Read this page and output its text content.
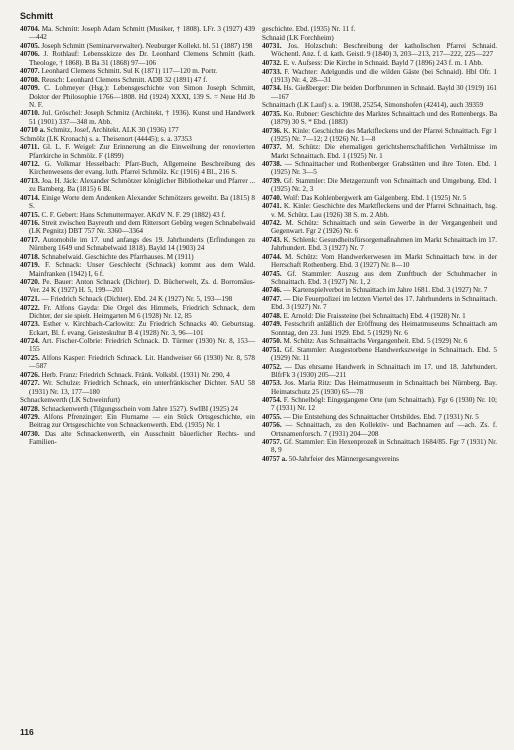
Schmitt

40704. Ma. Schmitt: Joseph Adam Schmitt (Musiker, † 1808). LFr. 3 (1927) 439—442

40705. Joseph Schmitt (Seminarverwalter). Neuburger Kollekt. bl. 51 (1887) 198

40706. J. Rothlauf: Lebensskizze des Dr. Leonhard Clemens Schmitt (kath. Theologe, † 1868). B Ba 31 (1868) 97—106

40707. Leonhard Clemens Schmitt. Sul K (1871) 117—120 m. Portr.

40708. Reusch: Leonhard Clemens Schmitt. ADB 32 (1891) 47 f.

40709. C. Lohmeyer (Hsg.): Lebensgeschichte von Simon Joseph Schmitt, Doktor der Philosophie 1766—1808. Hd (1924) XXXI, 139 S. = Neue Hd Jb N. F.

40710. Jul. Gröschel: Joseph Schmitz (Architekt, † 1936). Kunst und Handwerk 51 (1901) 337—348 m. Abb.

40710 a. Schmitz, Josef, Architekt. ALK 30 (1936) 177

Schmölz (LK Kronach) s. a. Theisenort (44445); s. a. 37353

40711. Gl. L. F. Weigel: Zur Erinnerung an die Einweihung der renovierten Pfarrkirche in Schmölz. F (1899)

40712. G. Volkmar Hesselbach: Pfarr-Buch, Allgemeine Beschreibung des Kirchenwesens der evang. luth. Pfarrei Schmölz. Kc (1916) 4 Bl., 216 S.

40713. Joa. H. Jäck: Alexander Schmötzer königlicher Bibliothekar und Pfarrer ... zu Bamberg. Ba (1815) 6 Bl.

40714. Einige Worte dem Andenken Alexander Schmötzers geweiht. Ba (1815) 8 S.

40715. C. F. Gebert: Hans Schmuttermayer. AKdV N. F. 29 (1882) 43 f.

40716. Streit zwischen Bayreuth und dem Rittersort Gebürg wegen Schnabelwaid (LK Pegnitz) DBT 757 Nr. 3360—3364

40717. Automobile im 17. und anfangs des 19. Jahrhunderts (Erfindungen zu Nürnberg 1649 und Schnabelwaid 1818). Bayld 14 (1903) 24

40718. Schnabelwaid. Geschichte des Pfarrhauses. M (1911)

40719. F. Schnack: Unser Geschlecht (Schnack) kommt aus dem Wald. Mainfranken (1942) I, 6 f.

40720. Pe. Bauer: Anton Schnack (Dichter). D. Bücherwelt, Zs. d. Borromäus-Ver. 24 K (1927) H. 5, 199—201

40721. — Friedrich Schnack (Dichter). Ebd. 24 K (1927) Nr. 5, 193—198

40722. Fr. Alfons Gayda: Die Orgel des Himmels, Friedrich Schnack, dem Dichter, der sie spielt. Heimgarten M 6 (1928) Nr. 12, 85

40723. Esther v. Kirchbach-Carlowitz: Zu Friedrich Schnacks 40. Geburtstag. Eckart, Bl. f. evang. Geisteskultur B 4 (1928) Nr. 3, 96—101

40724. Art. Fischer-Colbrie: Friedrich Schnack. D. Türmer (1930) Nr. 8, 153—155

40725. Alfons Kasper: Friedrich Schnack. Lit. Handweiser 66 (1930) Nr. 8, 578—587

40726. Herb. Franz: Friedrich Schnack. Fränk. Volksbl. (1931) Nr. 290, 4

40727. Wr. Schulze: Friedrich Schnack, ein unterfränkischer Dichter. SAU 58 (1931) Nr. 13, 177—180

Schnackenwerth (LK Schweinfurt)

40728. Schnackenwerth (Tilgungsschein vom Jahre 1527). SwIBI (1925) 24

40729. Alfons Pfrenzinger: Ein Flurname — ein Stück Ortsgeschichte, ein Beitrag zur Ortsgeschichte von Schnackenwerth. Ebd. (1935) Nr. 1

40730. Das alte Schnackenwerth, ein Ausschnitt bäuerlicher Rechts- und Familien-

geschichte. Ebd. (1935) Nr. 11 f.

Schnaid (LK Forchheim)

40731. Jos. Holzschuh: Beschreibung der katholischen Pfarrei Schnaid. Wöchentl. Anz. f. d. kath. Geistl. 9 (1840) 3, 203—213, 217—222, 225—227

40732. E. v. Aufsess: Die Kirche in Schnaid. Bayld 7 (1896) 243 f. m. 1 Abb.

40733. F. Wachter: Adelgundis und die wilden Gäste (bei Schnaid). Hbl Ofr. 1 (1913) Nr. 4, 28—31

40734. Hs. Gießberger: Die beiden Dorfbrunnen in Schnaid. Bayld 30 (1919) 161—167

Schnaittach (LK Lauf) s. a. 19038, 25254, Simonshofen (42414), auch 39359

40735. Ko. Rubner: Geschichte des Marktes Schnaittach und des Rottenbergs. Ba (1879) 30 S. * Ebd. (1883)

40736. K. Kinle: Geschichte des Marktfleckens und der Pfarrei Schnaittach. Fgr 1 (1925) Nr. 7—12; 2 (1926) Nr. 1—8

40737. M. Schütz: Die ehemaligen gerichtsherrschaftlichen Verhältnisse im Markt Schnaittach. Ebd. 1 (1925) Nr. 1

40738. — Schnaittacher und Rothenberger Grabstätten und ihre Toten. Ebd. 1 (1925) Nr. 3—5

40739. Gf. Stammler: Die Metzgerzunft von Schnaittach und Umgebung. Ebd. 1 (1925) Nr. 2, 3

40740. Wolf: Das Kohlenbergwerk am Galgenberg. Ebd. 1 (1925) Nr. 5

40741. K. Kinle: Geschichte des Marktfleckens und der Pfarrei Schnaittach, hsg. v. M. Schütz. Lau (1926) 38 S. m. 2 Abb.

40742. M. Schütz: Schnaittach und sein Gewerbe in der Vergangenheit und Gegenwart. Fgr 2 (1926) Nr. 6

40743. K. Schlenk: Gesundheitsfürsorgemaßnahmen im Markt Schnaittach im 17. Jahrhundert. Ebd. 3 (1927) Nr. 7

40744. M. Schütz: Vom Handwerkerwesen im Markt Schnaittach bzw. in der Herrschaft Rothenberg. Ebd. 3 (1927) Nr. 8—10

40745. Gf. Stammler: Auszug aus dem Zunftbuch der Schuhmacher in Schnaittach. Ebd. 3 (1927) Nr. 1, 2

40746. — Kartenspielverbot in Schnaittach im Jahre 1681. Ebd. 3 (1927) Nr. 7

40747. — Die Feuerpolizei im letzten Viertel des 17. Jahrhunderts in Schnaittach. Ebd. 3 (1927) Nr. 7

40748. E. Arnold: Die Fraissteine (bei Schnaittach) Ebd. 4 (1928) Nr. 1

40749. Festschrift anläßlich der Eröffnung des Heimatmuseums Schnaittach am Sonntag, den 23. Juni 1929. Ebd. 5 (1929) Nr. 6

40750. M. Schütz: Aus Schnaittachs Vergangenheit. Ebd. 5 (1929) Nr. 6

40751. Gf. Stammler: Ausgestorbene Handwerkszweige in Schnaittach. Ebd. 5 (1929) Nr. 11

40752. — Das ehrsame Handwerk in Schnaittach im 17. und 18. Jahrhundert. BlfrFk 3 (1930) 205—211

40753. Jos. Maria Ritz: Das Heimatmuseum in Schnaittach bei Nürnberg. Bay. Heimatschutz 25 (1930) 65—78

40754. F. Schnelbögl: Eingegangene Orte (um Schnaittach). Fgr 6 (1930) Nr. 10; 7 (1931) Nr. 12

40755. — Die Entstehung des Schnaittacher Ortsbildes. Ebd. 7 (1931) Nr. 5

40756. — Schnaittach, zu den Kollektiv- und Bachnamen auf —ach. Zs. f. Ortsnamenforsch. 7 (1931) 204—208

40757. Gf. Stammler: Ein Hexenprozeß in Schnaittach 1684/85. Fgr 7 (1931) Nr. 8, 9

40757 a. 50-Jahrfeier des Männergesangvereins

116
